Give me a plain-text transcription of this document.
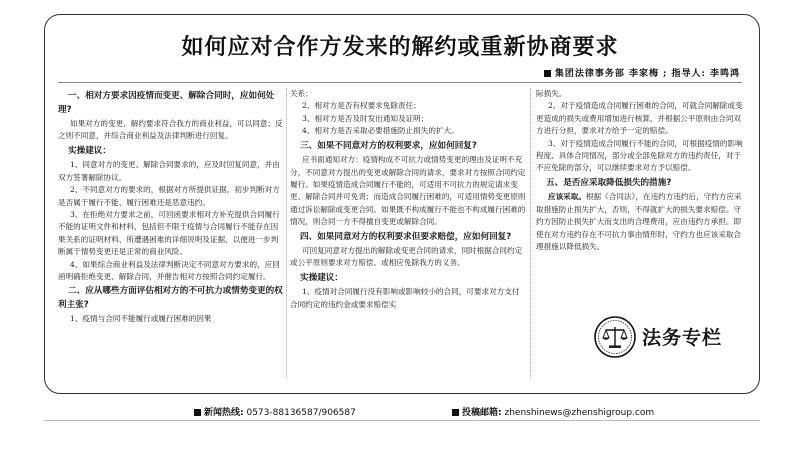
如何应对合作方发来的解约或重新协商要求
集团法律事务部 李家梅 ; 指导人: 李鸣鸿
一、相对方要求因疫情而变更、解除合同时，应如何处理?

如果对方的变更、解约要求符合我方的商业利益，可以同意；反之则不同意，并综合商业利益及法律判断进行回复。

实操建议：

1、同意对方的变更、解除合同要求的，应及时回复同意，并由双方签署解除协议。

2、不同意对方的要求的，根据对方所提供证据，初步判断对方是否属于履行不能、履行困难还是恶意违约。

3、在拒绝对方要求之前，可回函要求相对方补充提供合同履行不能的证明文件和材料，包括但不限于疫情与合同履行不能存在因果关系的证明材料、所遭遇困难的详细说明及证据，以便进一步判断属于情势变更还是正常的商业风险。

4、如果综合商业利益及法律判断决定不同意对方要求的，应回函明确拒绝变更、解除合同，并催告相对方按照合同约定履行。

二、应从哪些方面评估相对方的不可抗力或情势变更的权利主张?

1、疫情与合同不能履行或履行困难的因果

关系；

2、相对方是否有权要求免除责任；

3、相对方是否及时发出通知及证明；

4、相对方是否采取必要措施防止损失的扩大。

三、如果不同意对方的权利要求，应如何回复?

应书面通知对方：疫情构成不可抗力或情势变更的理由及证明不充分，不同意对方提出的变更或解除合同的请求，要求对方按照合同约定履行。如果疫情造成合同履行不能的，可适用不可抗力的规定请求变更、解除合同并可免责；而造成合同履行困难的，可适用情势变更原则通过诉讼解除或变更合同。如果既不构成履行不能也不构成履行困难的情况，则合同一方不得擅自变更或解除合同。

四、如果同意对方的权利要求但要求赔偿，应如何回复?

可回复同意对方提出的解除或变更合同的请求，同时根据合同约定或公平原则要求对方赔偿、或相应免除我方的义务。

实操建议：

1、疫情对合同履行没有影响或影响较小的合同，可要求对方支付合同约定的违约金或要求赔偿实

际损失。

2、对于疫情造成合同履行困难的合同，可就合同解除或变更造成的损失或费用增加进行核算，并根据公平原则由合同双方进行分担，要求对方给予一定的赔偿。

3、对于疫情造成合同履行不能的合同，可根据疫情的影响程度、具体合同情况，部分或全部免除对方的违约责任，对于不应免除的部分，可以继续要求对方予以赔偿。

五、是否应采取降低损失的措施?

应该采取。根据《合同法》，在违约方违约后，守约方应采取措施防止损失扩大，否则，不得就扩大的损失要求赔偿。守约方因防止损失扩大而支出的合理费用，应由违约方承担。即使在对方违约存在不可抗力事由情形时，守约方也应该采取合理措施以降低损失。

法务专栏
新闻热线: 0573-88136587/906587	投稿邮箱: zhenshinews@zhenshigroup.com
